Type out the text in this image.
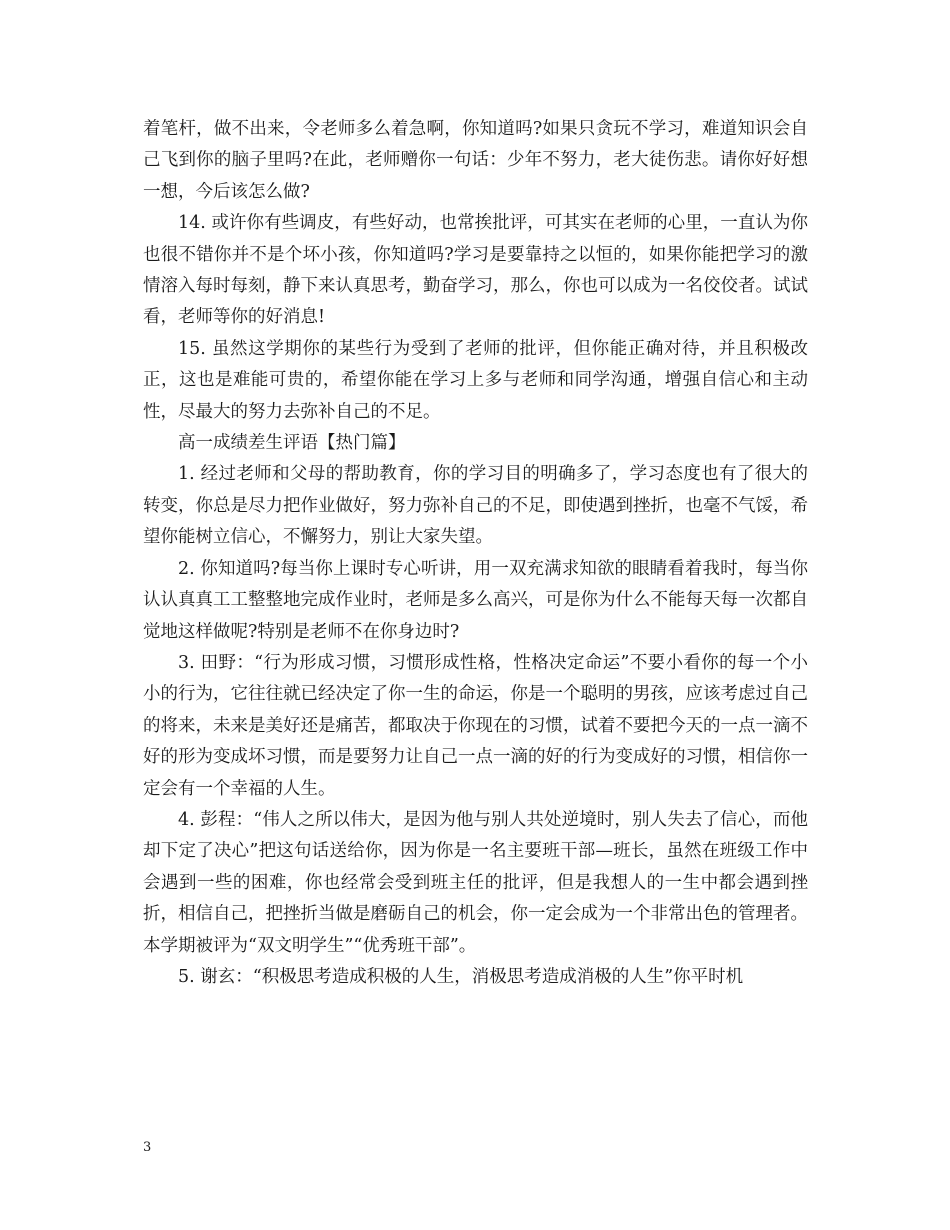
着笔杆，做不出来，令老师多么着急啊，你知道吗?如果只贪玩不学习，难道知识会自己飞到你的脑子里吗?在此，老师赠你一句话：少年不努力，老大徒伤悲。请你好好想一想，今后该怎么做?

14. 或许你有些调皮，有些好动，也常挨批评，可其实在老师的心里，一直认为你也很不错你并不是个坏小孩，你知道吗?学习是要靠持之以恒的，如果你能把学习的激情溶入每时每刻，静下来认真思考，勤奋学习，那么，你也可以成为一名佼佼者。试试看，老师等你的好消息!

15. 虽然这学期你的某些行为受到了老师的批评，但你能正确对待，并且积极改正，这也是难能可贵的，希望你能在学习上多与老师和同学沟通，增强自信心和主动性，尽最大的努力去弥补自己的不足。

高一成绩差生评语【热门篇】

1. 经过老师和父母的帮助教育，你的学习目的明确多了，学习态度也有了很大的转变，你总是尽力把作业做好，努力弥补自己的不足，即使遇到挫折，也毫不气馁，希望你能树立信心，不懈努力，别让大家失望。

2. 你知道吗?每当你上课时专心听讲，用一双充满求知欲的眼睛看着我时，每当你认认真真工工整整地完成作业时，老师是多么高兴，可是你为什么不能每天每一次都自觉地这样做呢?特别是老师不在你身边时?

3. 田野：“行为形成习惯，习惯形成性格，性格决定命运”不要小看你的每一个小小的行为，它往往就已经决定了你一生的命运，你是一个聪明的男孩，应该考虑过自己的将来，未来是美好还是痛苦，都取决于你现在的习惯，试着不要把今天的一点一滴不好的形为变成坏习惯，而是要努力让自己一点一滴的好的行为变成好的习惯，相信你一定会有一个幸福的人生。

4. 彭程：“伟人之所以伟大，是因为他与别人共处逆境时，别人失去了信心，而他却下定了决心”把这句话送给你，因为你是一名主要班干部—班长，虽然在班级工作中会遇到一些的困难，你也经常会受到班主任的批评，但是我想人的一生中都会遇到挫折，相信自己，把挫折当做是磨砺自己的机会，你一定会成为一个非常出色的管理者。本学期被评为“双文明学生”“优秀班干部”。

5. 谢玄：“积极思考造成积极的人生，消极思考造成消极的人生”你平时机

3
